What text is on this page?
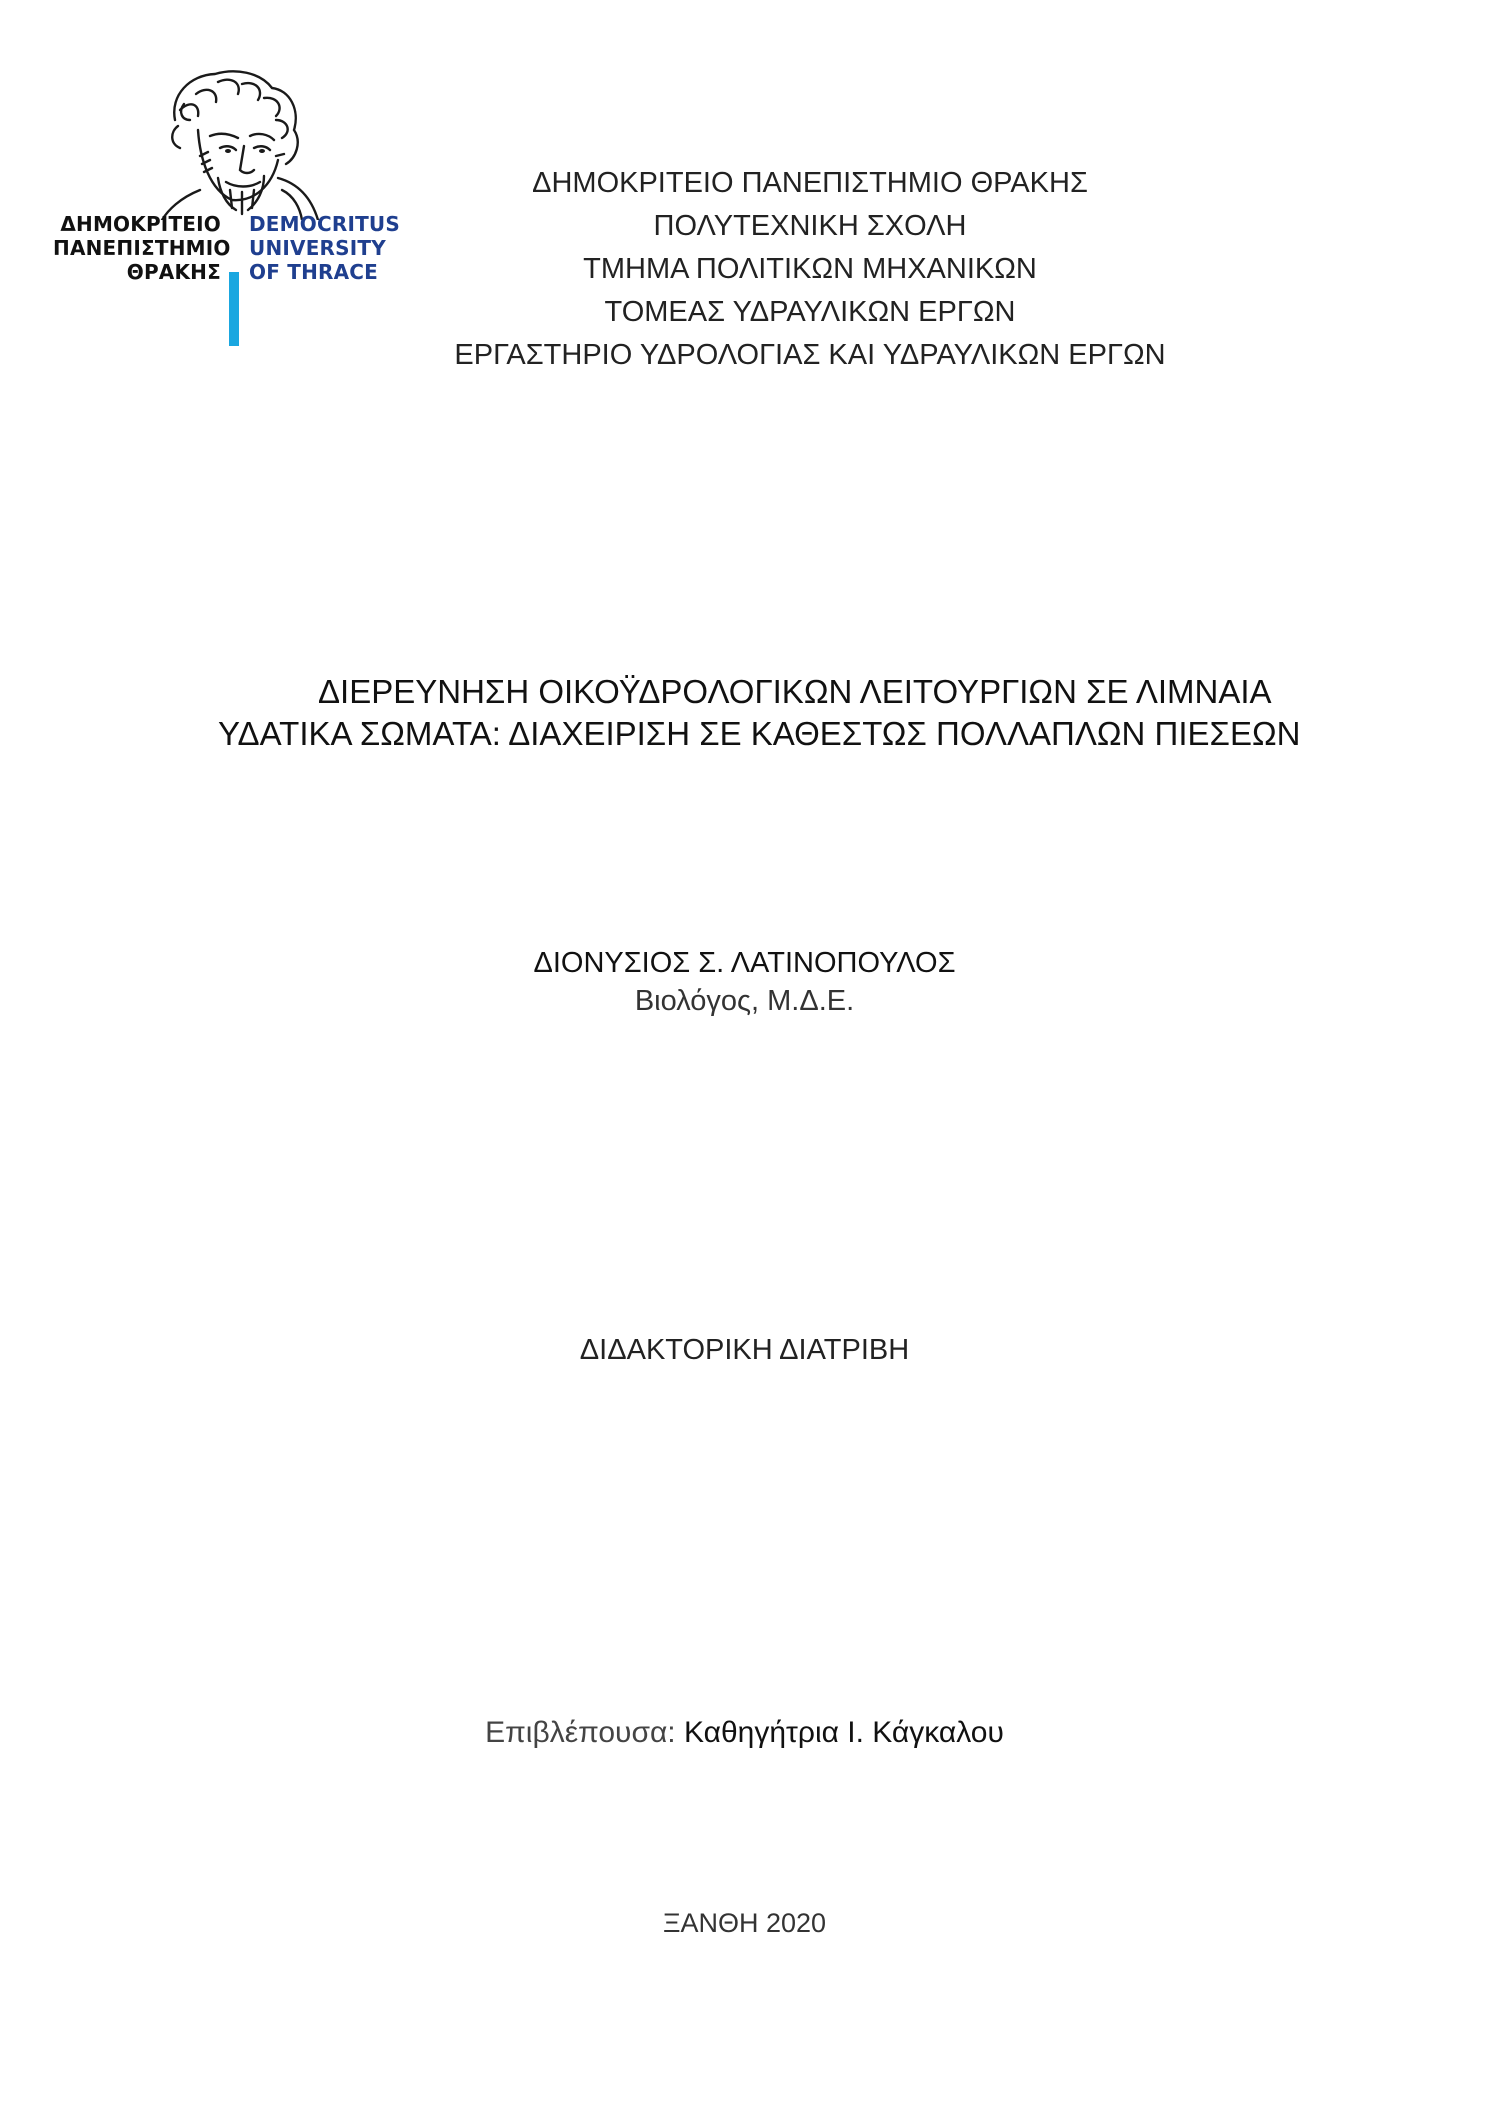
ΔΗΜΟΚΡΙΤΕΙΟ
ΠΑΝΕΠΙΣΤΗΜΙΟ
ΘΡΑΚΗΣ
DEMOCRITUS
UNIVERSITY
OF THRACE
ΔΗΜΟΚΡΙΤΕΙΟ ΠΑΝΕΠΙΣΤΗΜΙΟ ΘΡΑΚΗΣ
ΠΟΛΥΤΕΧΝΙΚΗ ΣΧΟΛΗ
ΤΜΗΜΑ ΠΟΛΙΤΙΚΩΝ ΜΗΧΑΝΙΚΩΝ
ΤΟΜΕΑΣ ΥΔΡΑΥΛΙΚΩΝ ΕΡΓΩΝ
ΕΡΓΑΣΤΗΡΙΟ ΥΔΡΟΛΟΓΙΑΣ ΚΑΙ ΥΔΡΑΥΛΙΚΩΝ ΕΡΓΩΝ
ΔΙΕΡΕΥΝΗΣΗ ΟΙΚΟΫΔΡΟΛΟΓΙΚΩΝ ΛΕΙΤΟΥΡΓΙΩΝ ΣΕ ΛΙΜΝΑΙΑ
ΥΔΑΤΙΚΑ ΣΩΜΑΤΑ: ΔΙΑΧΕΙΡΙΣΗ ΣΕ ΚΑΘΕΣΤΩΣ ΠΟΛΛΑΠΛΩΝ ΠΙΕΣΕΩΝ
ΔΙΟΝΥΣΙΟΣ Σ. ΛΑΤΙΝΟΠΟΥΛΟΣ
Βιολόγος, Μ.Δ.Ε.
ΔΙΔΑΚΤΟΡΙΚΗ ΔΙΑΤΡΙΒΗ
Επιβλέπουσα: Καθηγήτρια Ι. Κάγκαλου
ΞΑΝΘΗ 2020
